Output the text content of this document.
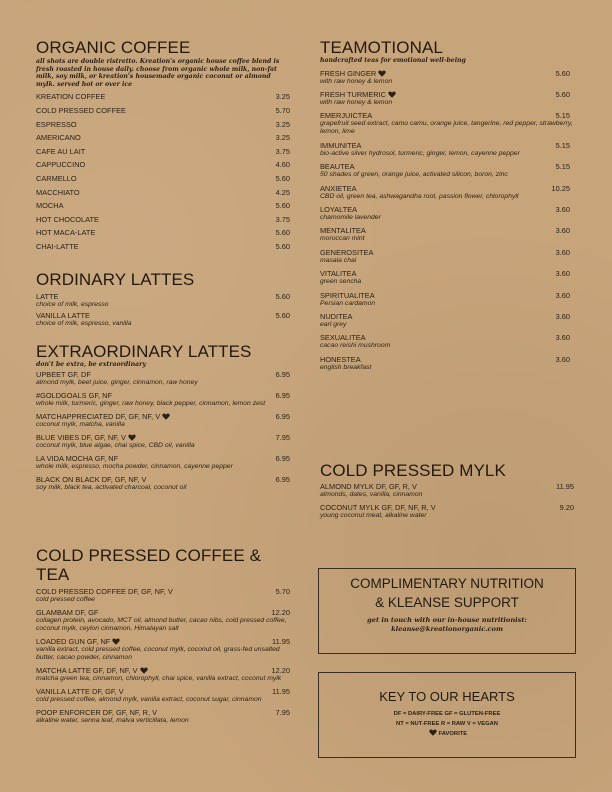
ORGANIC COFFEE
all shots are double ristretto. Kreation's organic house coffee blend is fresh roasted in house daily. choose from organic whole milk, non-fat milk, soy milk, or kreation's housemade organic coconut or almond mylk. served hot or over ice
KREATION COFFEE	3.25
COLD PRESSED COFFEE	5.70
ESPRESSO	3.25
AMERICANO	3.25
CAFE AU LAIT	3.75
CAPPUCCINO	4.60
CARMELLO	5.60
MACCHIATO	4.25
MOCHA	5.60
HOT CHOCOLATE	3.75
HOT MACA-LATE	5.60
CHAI-LATTE	5.60
ORDINARY LATTES
LATTE	5.60
choice of milk, espresso
VANILLA LATTE	5.60
choice of milk, espresso, vanilla
EXTRAORDINARY LATTES
don't be extra, be extraordinary
UPBEET GF, DF	6.95
almond mylk, beet juice, ginger, cinnamon, raw honey
#GOLDGOALS GF, NF	6.95
whole milk, turmeric, ginger, raw honey, black pepper, cinnamon, lemon zest
MATCHAPPRECIATED DF, GF, NF, V	6.95
coconut mylk, matcha, vanilla
BLUE VIBES DF, GF, NF, V	7.95
coconut mylk, blue algae, chai spice, CBD oil, vanilla
LA VIDA MOCHA GF, NF	6.95
whole milk, espresso, mocha powder, cinnamon, cayenne pepper
BLACK ON BLACK DF, GF, NF, V	6.95
soy milk, black tea, activated charcoal, coconut oil
COLD PRESSED COFFEE & TEA
COLD PRESSED COFFEE DF, GF, NF, V	5.70
cold pressed coffee
GLAMBAM DF, GF	12.20
collagen protein, avocado, MCT oil, almond butter, cacao nibs, cold pressed coffee, coconut mylk, ceylon cinnamon, Himalayan salt
LOADED GUN GF, NF	11.95
vanilla extract, cold pressed coffee, coconut mylk, coconut oil, grass-fed unsalted butter, cacao powder, cinnamon
MATCHA LATTE GF, DF, NF, V	12.20
matcha green tea, cinnamon, chlorophyll, chai spice, vanilla extract, coconut mylk
VANILLA LATTE DF, GF, V	11.95
cold pressed coffee, almond mylk, vanilla extract, coconut sugar, cinnamon
POOP ENFORCER DF, GF, NF, R, V	7.95
alkaline water, senna leaf, malva verticillata, lemon
TEAMOTIONAL
handcrafted teas for emotional well-being
FRESH GINGER	5.60
with raw honey & lemon
FRESH TURMERIC	5.60
with raw honey & lemon
EMERJUICTEA	5.15
grapefruit seed extract, camu camu, orange juice, tangerine, red pepper, strawberry, lemon, lime
IMMUNITEA	5.15
bio-active silver hydrosol, turmeric, ginger, lemon, cayenne pepper
BEAUTEA	5.15
50 shades of green, orange juice, activated silicon, boron, zinc
ANXIETEA	10.25
CBD oil, green tea, ashwagandha root, passion flower, chlorophyll
LOYALTEA	3.60
chamomile lavender
MENTALITEA	3.60
moroccan mint
GENEROSITEA	3.60
masala chai
VITALITEA	3.60
green sencha
SPIRITUALITEA	3.60
Persian cardamon
NUDITEA	3.60
earl grey
SEXUALITEA	3.60
cacao reishi mushroom
HONESTEA	3.60
english breakfast
COLD PRESSED MYLK
ALMOND MYLK DF, GF, R, V	11.95
almonds, dates, vanilla, cinnamon
COCONUT MYLK GF, DF, NF, R, V	9.20
young coconut meat, alkaline water
COMPLIMENTARY NUTRITION
& KLEANSE SUPPORT
get in touch with our in-house nutritionist:
kleanse@kreationorganic.com
KEY TO OUR HEARTS
DF = DAIRY-FREE GF = GLUTEN-FREE
NT = NUT-FREE R = RAW V = VEGAN
FAVORITE
